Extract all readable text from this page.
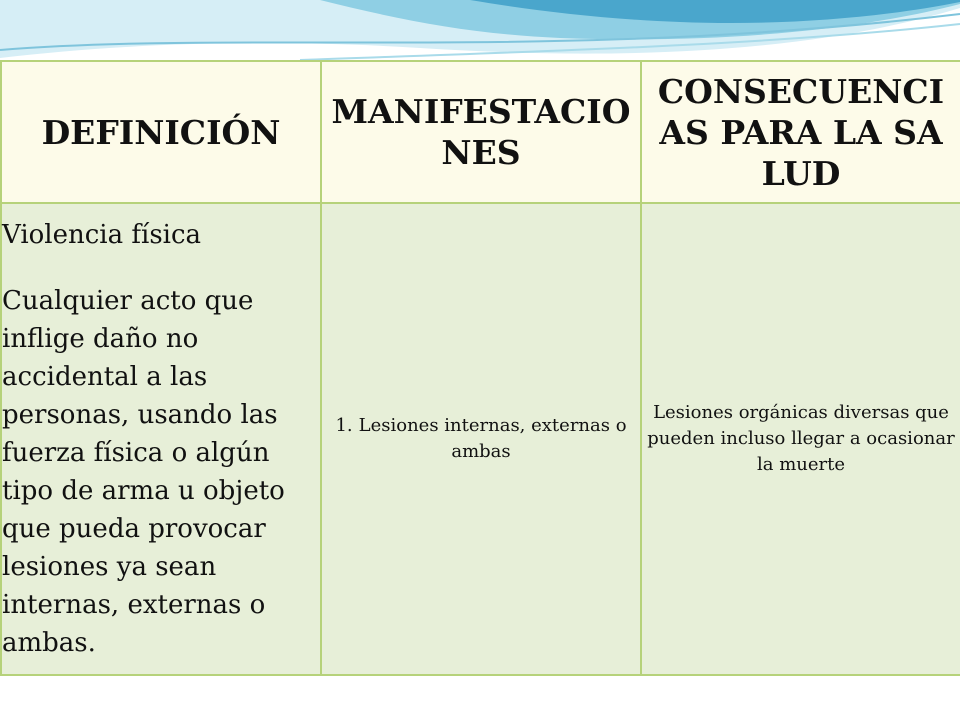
DEFINICIÓN	MANIFESTACIONES	CONSECUENCIAS PARA LA SALUD

Violencia física
Cualquier acto que inflige daño no accidental a las personas, usando las fuerza física o algún tipo de arma u objeto que pueda provocar lesiones ya sean internas, externas o ambas.	1. Lesiones internas, externas o ambas	Lesiones orgánicas diversas que pueden incluso llegar a ocasionar la muerte
